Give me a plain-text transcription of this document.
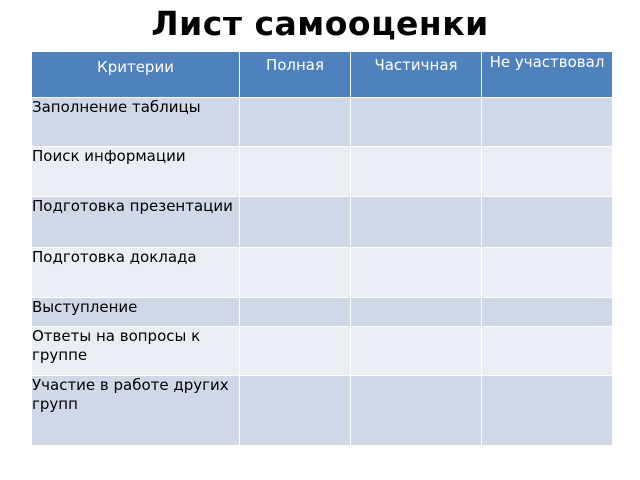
Лист самооценки
Критерии	Полная	Частичная	Не участвовал

Заполнение таблицы			

Поиск информации			

Подготовка презентации			

Подготовка доклада			

Выступление			

Ответы на вопросы к группе			

Участие в работе других групп			
